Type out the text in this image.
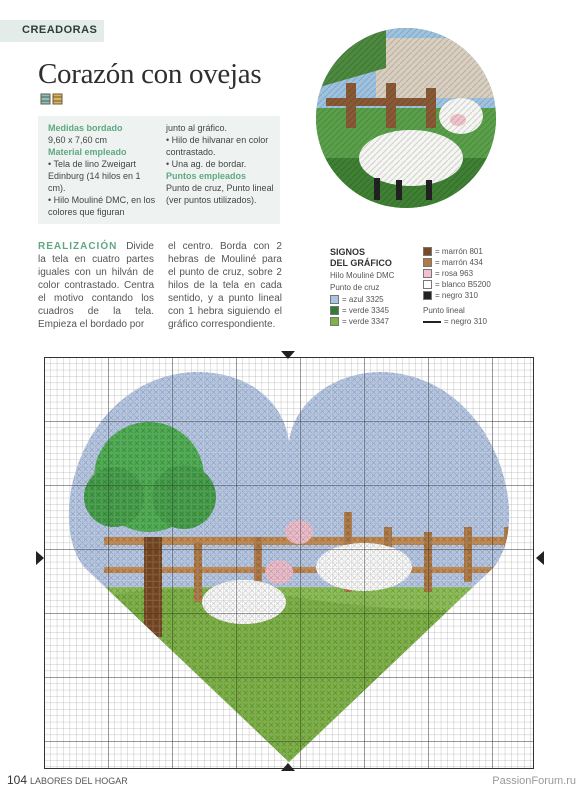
CREADORAS
Corazón con ovejas
Medidas bordado
9,60 x 7,60 cm
Material empleado
• Tela de lino Zweigart Edinburg (14 hilos en 1 cm).
• Hilo Mouliné DMC, en los colores que figuran
junto al gráfico.
• Hilo de hilvanar en color contrastado.
• Una ag. de bordar.
Puntos empleados
Punto de cruz, Punto lineal (ver puntos utilizados).
REALIZACIÓN Divide la tela en cuatro partes iguales con un hilván de color contrastado. Centra el motivo contando los cuadros de la tela. Empieza el bordado por
el centro. Borda con 2 hebras de Mouliné para el punto de cruz, sobre 2 hilos de la tela en cada sentido, y a punto lineal con 1 hebra siguiendo el gráfico correspondiente.
SIGNOS
DEL GRÁFICO
Hilo Mouliné DMC
Punto de cruz
= azul 3325
= verde 3345
= verde 3347
= marrón 801
= marrón 434
= rosa 963
= blanco B5200
= negro 310
Punto lineal
= negro 310
104 LABORES DEL HOGAR	PassionForum.ru
